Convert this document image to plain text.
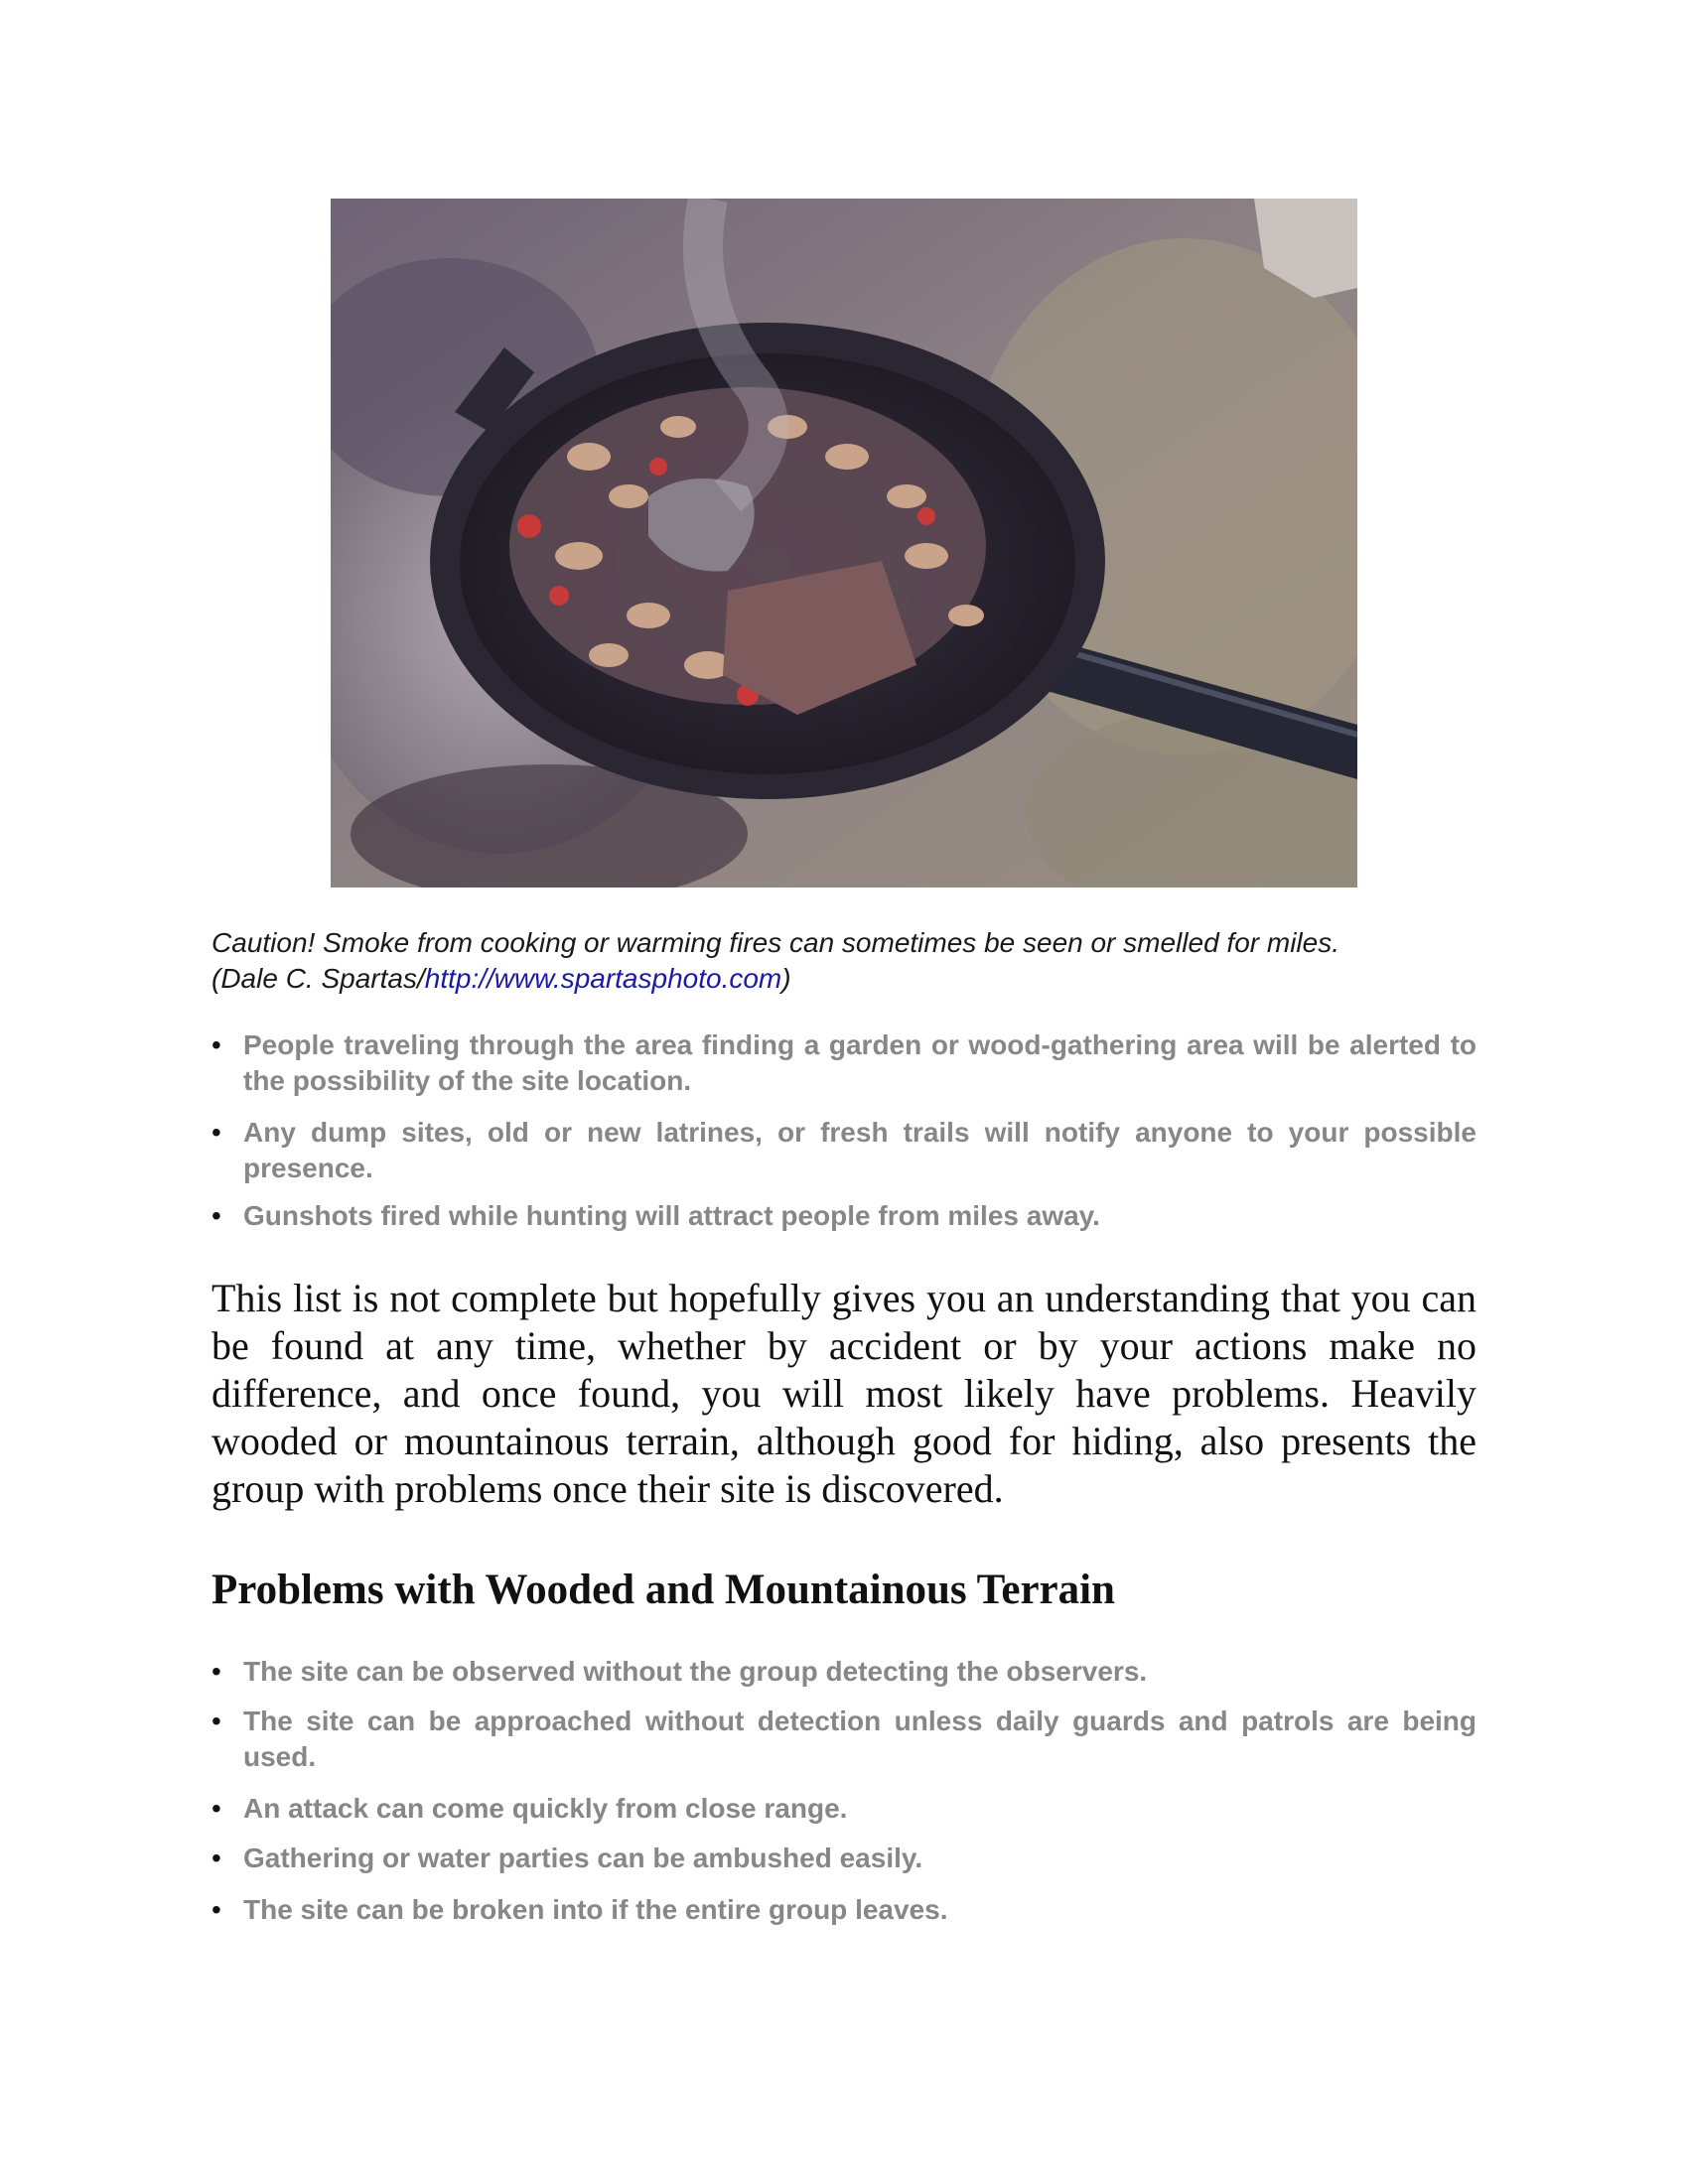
Caution! Smoke from cooking or warming fires can sometimes be seen or smelled for miles.
(Dale C. Spartas/http://www.spartasphoto.com)
• People traveling through the area finding a garden or wood-gathering area will be alerted to the possibility of the site location.
• Any dump sites, old or new latrines, or fresh trails will notify anyone to your possible presence.
• Gunshots fired while hunting will attract people from miles away.

This list is not complete but hopefully gives you an understanding that you can be found at any time, whether by accident or by your actions make no difference, and once found, you will most likely have problems. Heavily wooded or mountainous terrain, although good for hiding, also presents the group with problems once their site is discovered.

Problems with Wooded and Mountainous Terrain
• The site can be observed without the group detecting the observers.
• The site can be approached without detection unless daily guards and patrols are being used.
• An attack can come quickly from close range.
• Gathering or water parties can be ambushed easily.
• The site can be broken into if the entire group leaves.
